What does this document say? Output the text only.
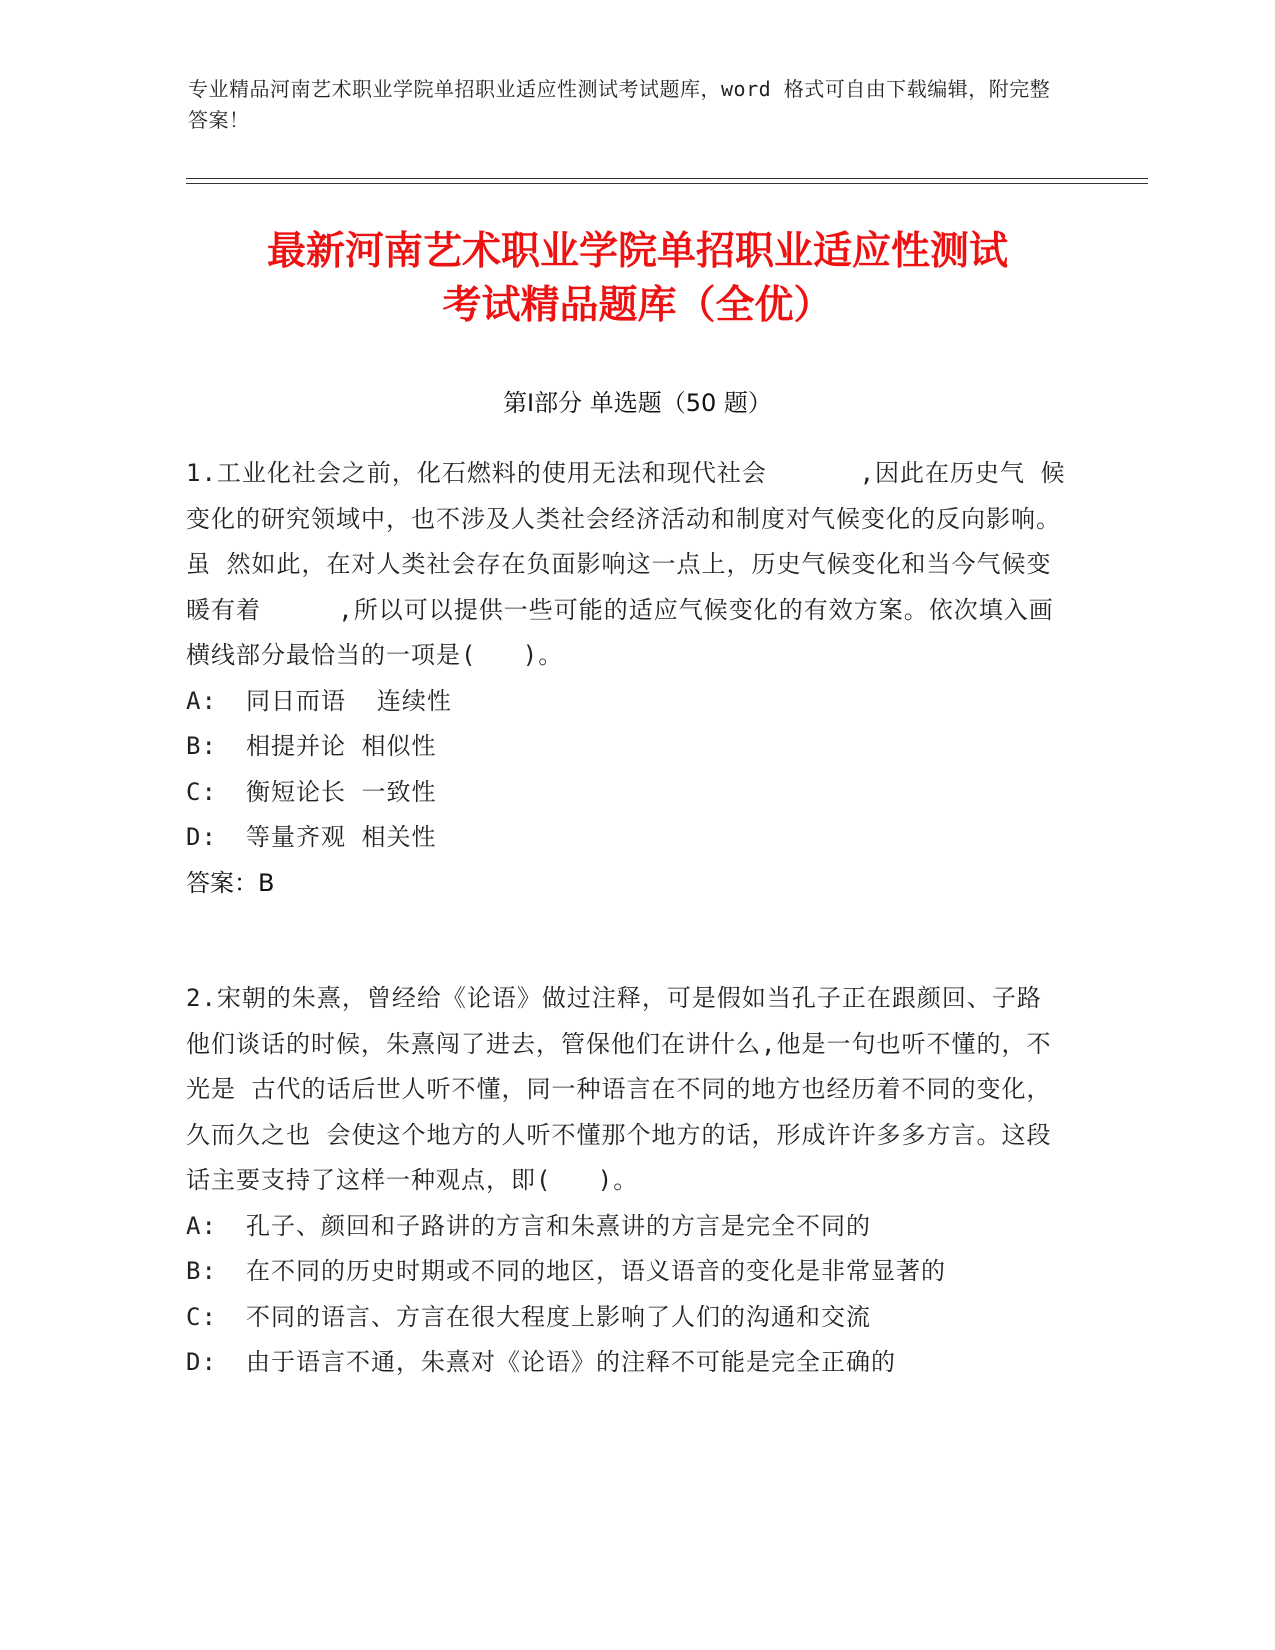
专业精品河南艺术职业学院单招职业适应性测试考试题库，word 格式可自由下载编辑，附完整答案！
最新河南艺术职业学院单招职业适应性测试
考试精品题库（全优）
第Ⅰ部分 单选题（50 题）
1.工业化社会之前，化石燃料的使用无法和现代社会      ,因此在历史气 候变化的研究领域中，也不涉及人类社会经济活动和制度对气候变化的反向影响。虽 然如此，在对人类社会存在负面影响这一点上，历史气候变化和当今气候变暖有着     ,所以可以提供一些可能的适应气候变化的有效方案。依次填入画横线部分最恰当的一项是(   )。
A:	同日而语  连续性
B:	相提并论 相似性
C:	衡短论长 一致性
D:	等量齐观 相关性
答案：B
2.宋朝的朱熹，曾经给《论语》做过注释，可是假如当孔子正在跟颜回、子路 他们谈话的时候，朱熹闯了进去，管保他们在讲什么,他是一句也听不懂的，不光是 古代的话后世人听不懂，同一种语言在不同的地方也经历着不同的变化，久而久之也 会使这个地方的人听不懂那个地方的话，形成许许多多方言。这段话主要支持了这样一种观点，即(   )。
A:	孔子、颜回和子路讲的方言和朱熹讲的方言是完全不同的
B:	在不同的历史时期或不同的地区，语义语音的变化是非常显著的
C:	不同的语言、方言在很大程度上影响了人们的沟通和交流
D:	由于语言不通，朱熹对《论语》的注释不可能是完全正确的
